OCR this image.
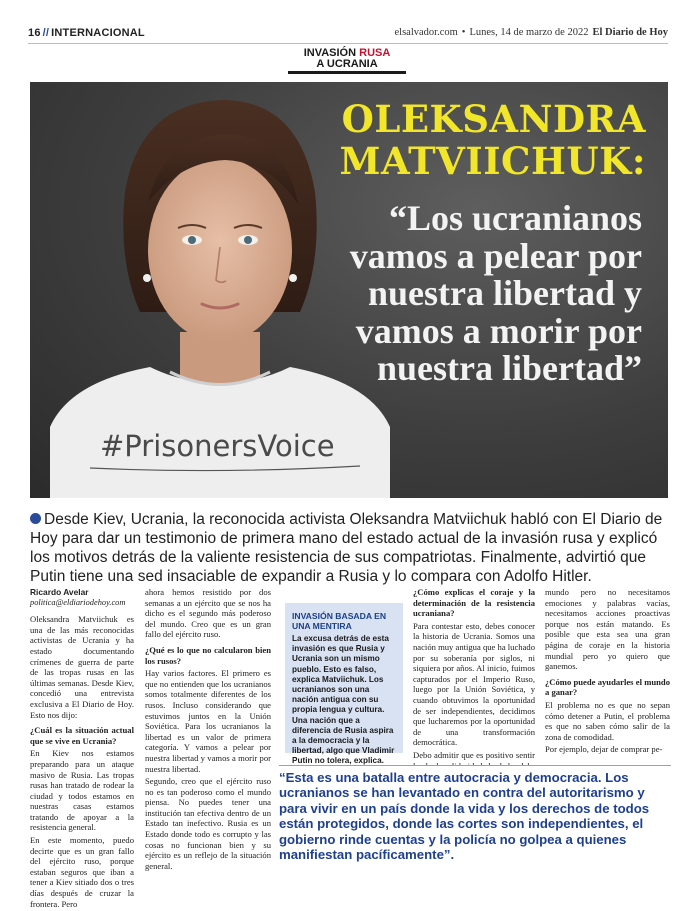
16 // INTERNACIONAL	elsalvador.com • Lunes, 14 de marzo de 2022 El Diario de Hoy
INVASIÓN RUSA
A UCRANIA
#PrisonersVoice
OLEKSANDRA
MATVIICHUK:
“Los ucranianos vamos a pelear por nuestra libertad y vamos a morir por nuestra libertad”
Desde Kiev, Ucrania, la reconocida activista Oleksandra Matviichuk habló con El Diario de Hoy para dar un testimonio de primera mano del estado actual de la invasión rusa y explicó los motivos detrás de la valiente resistencia de sus compatriotas. Finalmente, advirtió que Putin tiene una sed insaciable de expandir a Rusia y lo compara con Adolfo Hitler.
Ricardo Avelar
politica@eldiariodehoy.com

Oleksandra Matviichuk es una de las más reconocidas activistas de Ucrania y ha estado documentando crímenes de guerra de parte de las tropas rusas en las últimas semanas. Desde Kiev, concedió una entrevista exclusiva a El Diario de Hoy. Esto nos dijo:

¿Cuál es la situación actual que se vive en Ucrania?

En Kiev nos estamos preparando para un ataque masivo de Rusia. Las tropas rusas han tratado de rodear la ciudad y todos estamos en nuestras casas estamos tratando de apoyar a la resistencia general.

En este momento, puedo decirte que es un gran fallo del ejército ruso, porque estaban seguros que iban a tener a Kiev sitiado dos o tres días después de cruzar la frontera. Pero

ahora hemos resistido por dos semanas a un ejército que se nos ha dicho es el segundo más poderoso del mundo. Creo que es un gran fallo del ejército ruso.

¿Qué es lo que no calcularon bien los rusos?

Hay varios factores. El primero es que no entienden que los ucranianos somos totalmente diferentes de los rusos. Incluso considerando que estuvimos juntos en la Unión Soviética. Para los ucranianos la libertad es un valor de primera categoría. Y vamos a pelear por nuestra libertad y vamos a morir por nuestra libertad.

Segundo, creo que el ejército ruso no es tan poderoso como el mundo piensa. No puedes tener una institución tan efectiva dentro de un Estado tan inefectivo. Rusia es un Estado donde todo es corrupto y las cosas no funcionan bien y su ejército es un reflejo de la situación general.

INVASIÓN BASADA EN UNA MENTIRA
La excusa detrás de esta invasión es que Rusia y Ucrania son un mismo pueblo. Esto es falso, explica Matviichuk. Los ucranianos son una nación antigua con su propia lengua y cultura. Una nación que a diferencia de Rusia aspira a la democracia y la libertad, algo que Vladimir Putin no tolera, explica.

¿Cómo explicas el coraje y la determinación de la resistencia ucraniana?

Para contestar esto, debes conocer la historia de Ucrania. Somos una nación muy antigua que ha luchado por su soberanía por siglos, ni siquiera por años. Al inicio, fuimos capturados por el Imperio Ruso, luego por la Unión Soviética, y cuando obtuvimos la oportunidad de ser independientes, decidimos que lucharemos por la oportunidad de una transformación democrática.

Debo admitir que es positivo sentir

mundo pero no necesitamos emociones y palabras vacías, necesitamos acciones proactivas porque nos están matando. Es posible que esta sea una gran página de coraje en la historia mundial pero yo quiero que ganemos.

¿Cómo puede ayudarles el mundo a ganar?

El problema no es que no sepan cómo detener a Putin, el problema es que no saben cómo salir de la zona de comodidad.

Por ejemplo, dejar de comprar pe-

“Esta es una batalla entre autocracia y democracia. Los ucranianos se han levantado en contra del autoritarismo y para vivir en un país donde la vida y los derechos de todos están protegidos, donde las cortes son independientes, el gobierno rinde cuentas y la policía no golpea a quienes manifiestan pacíficamente”.
